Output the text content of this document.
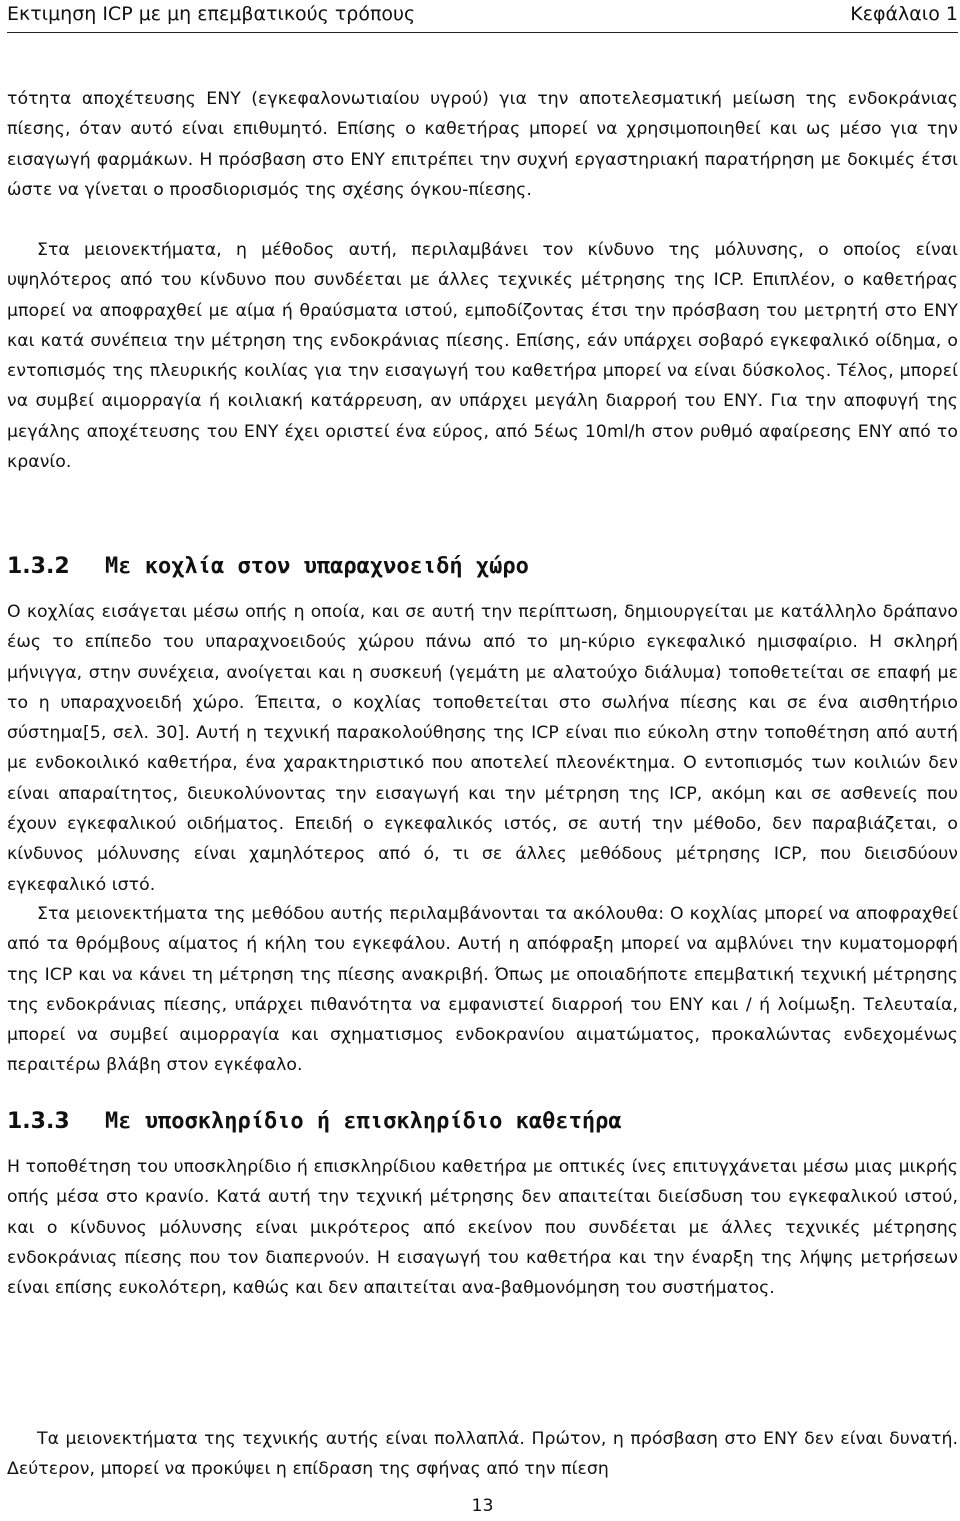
Εκτιμηση ICP με μη επεμβατικούς τρόπους	Κεφάλαιο 1

τότητα αποχέτευσης ΕΝΥ (εγκεφαλονωτιαίου υγρού) για την αποτελεσματική μείωση της ενδοκράνιας πίεσης, όταν αυτό είναι επιθυμητό. Επίσης ο καθετήρας μπορεί να χρησιμοποιηθεί και ως μέσο για την εισαγωγή φαρμάκων. Η πρόσβαση στο ΕΝΥ επιτρέπει την συχνή εργαστηριακή παρατήρηση με δοκιμές έτσι ώστε να γίνεται ο προσδιορισμός της σχέσης όγκου-πίεσης.

Στα μειονεκτήματα, η μέθοδος αυτή, περιλαμβάνει τον κίνδυνο της μόλυνσης, ο οποίος είναι υψηλότερος από του κίνδυνο που συνδέεται με άλλες τεχνικές μέτρησης της ICP. Επιπλέον, ο καθετήρας μπορεί να αποφραχθεί με αίμα ή θραύσματα ιστού, εμποδίζοντας έτσι την πρόσβαση του μετρητή στο ΕΝΥ και κατά συνέπεια την μέτρηση της ενδοκράνιας πίεσης. Επίσης, εάν υπάρχει σοβαρό εγκεφαλικό οίδημα, ο εντοπισμός της πλευρικής κοιλίας για την εισαγωγή του καθετήρα μπορεί να είναι δύσκολος. Τέλος, μπορεί να συμβεί αιμορραγία ή κοιλιακή κατάρρευση, αν υπάρχει μεγάλη διαρροή του ΕΝΥ. Για την αποφυγή της μεγάλης αποχέτευσης του ΕΝΥ έχει οριστεί ένα εύρος, από 5έως 10ml/h στον ρυθμό αφαίρεσης ΕΝΥ από το κρανίο.

1.3.2 Με κοχλία στον υπαραχνοειδή χώρο

Ο κοχλίας εισάγεται μέσω οπής η οποία, και σε αυτή την περίπτωση, δημιουργείται με κατάλληλο δράπανο έως το επίπεδο του υπαραχνοειδούς χώρου πάνω από το μη-κύριο εγκεφαλικό ημισφαίριο. Η σκληρή μήνιγγα, στην συνέχεια, ανοίγεται και η συσκευή (γεμάτη με αλατούχο διάλυμα) τοποθετείται σε επαφή με το η υπαραχνοειδή χώρο. Έπειτα, ο κοχλίας τοποθετείται στο σωλήνα πίεσης και σε ένα αισθητήριο σύστημα[5, σελ. 30]. Αυτή η τεχνική παρακολούθησης της ICP είναι πιο εύκολη στην τοποθέτηση από αυτή με ενδοκοιλικό καθετήρα, ένα χαρακτηριστικό που αποτελεί πλεονέκτημα. Ο εντοπισμός των κοιλιών δεν είναι απαραίτητος, διευκολύνοντας την εισαγωγή και την μέτρηση της ICP, ακόμη και σε ασθενείς που έχουν εγκεφαλικού οιδήματος. Επειδή ο εγκεφαλικός ιστός, σε αυτή την μέθοδο, δεν παραβιάζεται, ο κίνδυνος μόλυνσης είναι χαμηλότερος από ό, τι σε άλλες μεθόδους μέτρησης ICP, που διεισδύουν εγκεφαλικό ιστό.

Στα μειονεκτήματα της μεθόδου αυτής περιλαμβάνονται τα ακόλουθα: Ο κοχλίας μπορεί να αποφραχθεί από τα θρόμβους αίματος ή κήλη του εγκεφάλου. Αυτή η απόφραξη μπορεί να αμβλύνει την κυματομορφή της ICP και να κάνει τη μέτρηση της πίεσης ανακριβή. Όπως με οποιαδήποτε επεμβατική τεχνική μέτρησης της ενδοκράνιας πίεσης, υπάρχει πιθανότητα να εμφανιστεί διαρροή του ΕΝΥ και / ή λοίμωξη. Τελευταία, μπορεί να συμβεί αιμορραγία και σχηματισμος ενδοκρανίου αιματώματος, προκαλώντας ενδεχομένως περαιτέρω βλάβη στον εγκέφαλο.

1.3.3 Με υποσκληρίδιο ή επισκληρίδιο καθετήρα

Η τοποθέτηση του υποσκληρίδιο ή επισκληρίδιου καθετήρα με οπτικές ίνες επιτυγχάνεται μέσω μιας μικρής οπής μέσα στο κρανίο. Κατά αυτή την τεχνική μέτρησης δεν απαιτείται διείσδυση του εγκεφαλικού ιστού, και ο κίνδυνος μόλυνσης είναι μικρότερος από εκείνον που συνδέεται με άλλες τεχνικές μέτρησης ενδοκράνιας πίεσης που τον διαπερνούν. Η εισαγωγή του καθετήρα και την έναρξη της λήψης μετρήσεων είναι επίσης ευκολότερη, καθώς και δεν απαιτείται ανα-βαθμονόμηση του συστήματος.

Τα μειονεκτήματα της τεχνικής αυτής είναι πολλαπλά. Πρώτον, η πρόσβαση στο ΕΝΥ δεν είναι δυνατή. Δεύτερον, μπορεί να προκύψει η επίδραση της σφήνας από την πίεση

13
